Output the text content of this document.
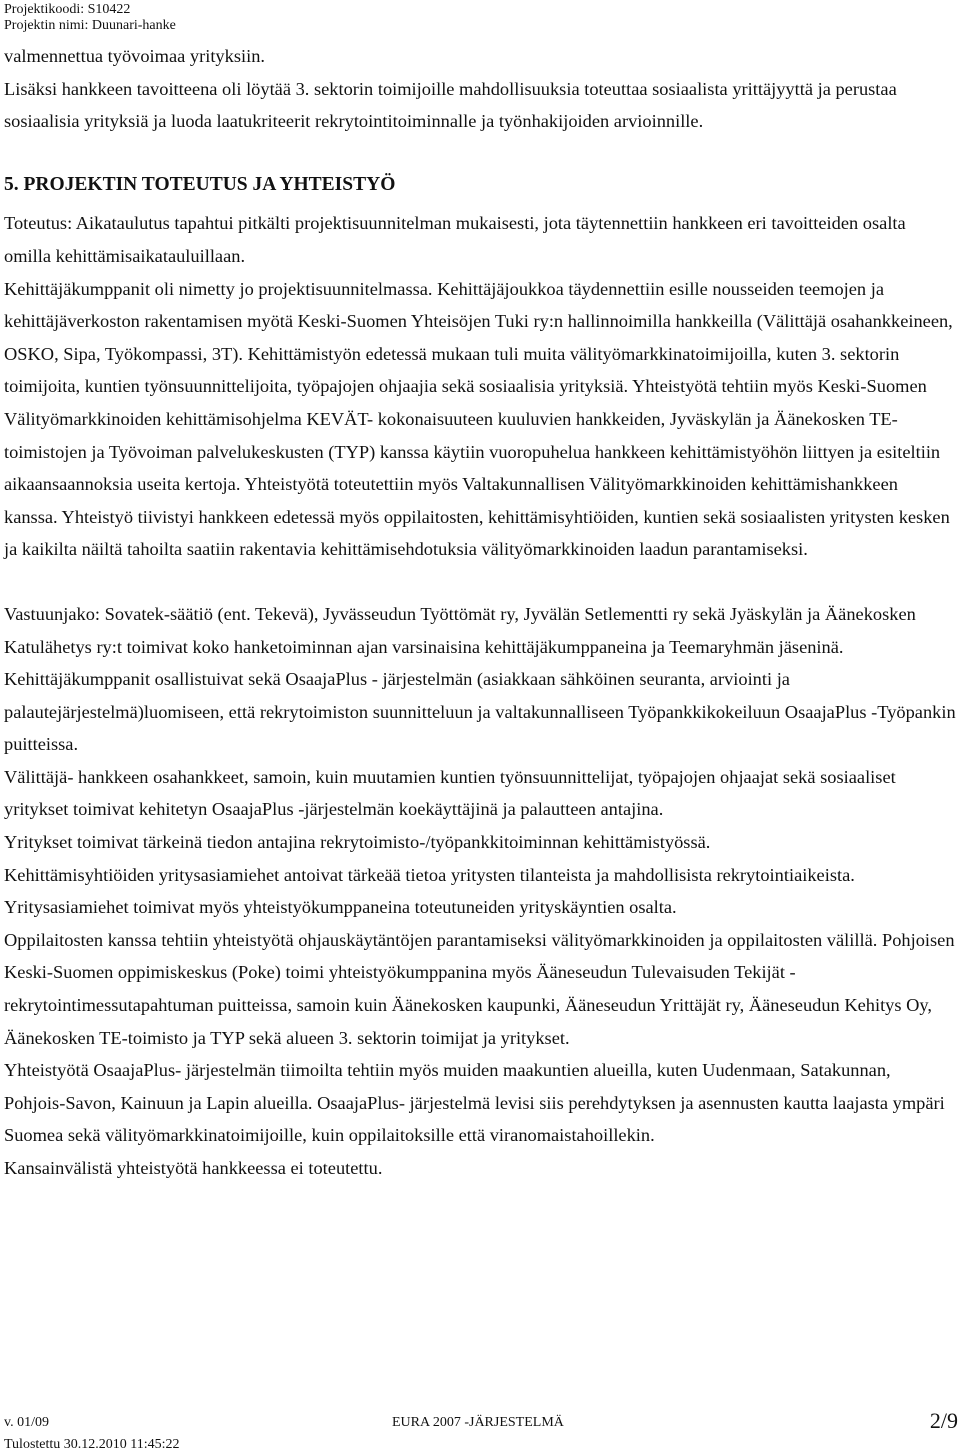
Projektikoodi: S10422
Projektin nimi: Duunari-hanke

valmennettua työvoimaa yrityksiin.

Lisäksi hankkeen tavoitteena oli löytää 3. sektorin toimijoille mahdollisuuksia toteuttaa sosiaalista yrittäjyyttä ja perustaa sosiaalisia yrityksiä ja luoda laatukriteerit rekrytointitoiminnalle ja työnhakijoiden arvioinnille.

5. PROJEKTIN TOTEUTUS JA YHTEISTYÖ

Toteutus: Aikataulutus tapahtui pitkälti projektisuunnitelman mukaisesti, jota täytennettiin hankkeen eri tavoitteiden osalta omilla kehittämisaikatauluillaan.

Kehittäjäkumppanit oli nimetty jo projektisuunnitelmassa. Kehittäjäjoukkoa täydennettiin esille nousseiden teemojen ja kehittäjäverkoston rakentamisen myötä Keski-Suomen Yhteisöjen Tuki ry:n hallinnoimilla hankkeilla (Välittäjä osahankkeineen, OSKO, Sipa, Työkompassi, 3T). Kehittämistyön edetessä mukaan tuli muita välityömarkkinatoimijoilla, kuten 3. sektorin toimijoita, kuntien työnsuunnittelijoita, työpajojen ohjaajia sekä sosiaalisia yrityksiä. Yhteistyötä tehtiin myös Keski-Suomen Välityömarkkinoiden kehittämisohjelma KEVÄT- kokonaisuuteen kuuluvien hankkeiden, Jyväskylän ja Äänekosken TE-toimistojen ja Työvoiman palvelukeskusten (TYP) kanssa käytiin vuoropuhelua hankkeen kehittämistyöhön liittyen ja esiteltiin aikaansaannoksia useita kertoja. Yhteistyötä toteutettiin myös Valtakunnallisen Välityömarkkinoiden kehittämishankkeen kanssa. Yhteistyö tiivistyi hankkeen edetessä myös oppilaitosten, kehittämisyhtiöiden, kuntien sekä sosiaalisten yritysten kesken ja kaikilta näiltä tahoilta saatiin rakentavia kehittämisehdotuksia välityömarkkinoiden laadun parantamiseksi.

Vastuunjako: Sovatek-säätiö (ent. Tekevä), Jyvässeudun Työttömät ry, Jyvälän Setlementti ry sekä Jyäskylän ja Äänekosken Katulähetys ry:t toimivat koko hanketoiminnan ajan varsinaisina kehittäjäkumppaneina ja Teemaryhmän jäseninä. Kehittäjäkumppanit osallistuivat sekä OsaajaPlus - järjestelmän (asiakkaan sähköinen seuranta, arviointi ja palautejärjestelmä)luomiseen, että rekrytoimiston suunnitteluun ja valtakunnalliseen Työpankkikokeiluun OsaajaPlus -Työpankin puitteissa.

Välittäjä- hankkeen osahankkeet, samoin, kuin muutamien kuntien työnsuunnittelijat, työpajojen ohjaajat sekä sosiaaliset yritykset toimivat kehitetyn OsaajaPlus -järjestelmän koekäyttäjinä ja palautteen antajina.

Yritykset toimivat tärkeinä tiedon antajina rekrytoimisto-/työpankkitoiminnan kehittämistyössä.

Kehittämisyhtiöiden yritysasiamiehet antoivat tärkeää tietoa yritysten tilanteista ja mahdollisista rekrytointiaikeista. Yritysasiamiehet toimivat myös yhteistyökumppaneina toteutuneiden yrityskäyntien osalta.

Oppilaitosten kanssa tehtiin yhteistyötä ohjauskäytäntöjen parantamiseksi välityömarkkinoiden ja oppilaitosten välillä. Pohjoisen Keski-Suomen oppimiskeskus (Poke) toimi yhteistyökumppanina myös Ääneseudun Tulevaisuden Tekijät -rekrytointimessutapahtuman puitteissa, samoin kuin Äänekosken kaupunki, Ääneseudun Yrittäjät ry, Ääneseudun Kehitys Oy, Äänekosken TE-toimisto ja TYP sekä alueen 3. sektorin toimijat ja yritykset.

Yhteistyötä OsaajaPlus- järjestelmän tiimoilta tehtiin myös muiden maakuntien alueilla, kuten Uudenmaan, Satakunnan, Pohjois-Savon, Kainuun ja Lapin alueilla. OsaajaPlus- järjestelmä levisi siis perehdytyksen ja asennusten kautta laajasta ympäri Suomea sekä välityömarkkinatoimijoille, kuin oppilaitoksille että viranomaistahoillekin.

Kansainvälistä yhteistyötä hankkeessa ei toteutettu.

v. 01/09	EURA 2007 -JÄRJESTELMÄ	2/9
Tulostettu 30.12.2010 11:45:22
